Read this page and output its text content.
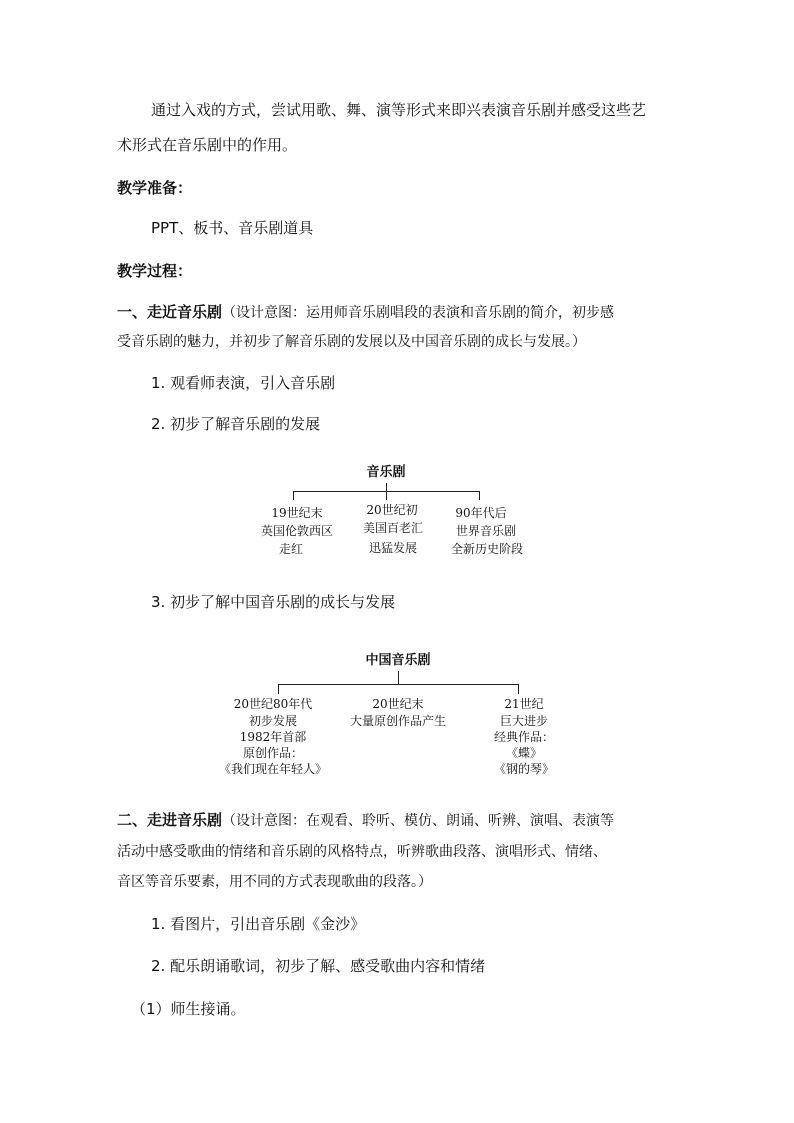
通过入戏的方式，尝试用歌、舞、演等形式来即兴表演音乐剧并感受这些艺
术形式在音乐剧中的作用。
教学准备：
PPT、板书、音乐剧道具
教学过程：
一、走近音乐剧（设计意图：运用师音乐剧唱段的表演和音乐剧的简介，初步感
受音乐剧的魅力，并初步了解音乐剧的发展以及中国音乐剧的成长与发展。）
1. 观看师表演，引入音乐剧
2. 初步了解音乐剧的发展
音乐剧
19世纪末
英国伦敦西区
走红
20世纪初
美国百老汇
迅猛发展
90年代后
世界音乐剧
全新历史阶段
3. 初步了解中国音乐剧的成长与发展
中国音乐剧
20世纪80年代
初步发展
1982年首部
原创作品：
《我们现在年轻人》
20世纪末
大量原创作品产生
21世纪
巨大进步
经典作品：
《蝶》
《钢的琴》
二、走进音乐剧（设计意图：在观看、聆听、模仿、朗诵、听辨、演唱、表演等
活动中感受歌曲的情绪和音乐剧的风格特点，听辨歌曲段落、演唱形式、情绪、
音区等音乐要素，用不同的方式表现歌曲的段落。）
1. 看图片，引出音乐剧《金沙》
2. 配乐朗诵歌词，初步了解、感受歌曲内容和情绪
（1）师生接诵。
